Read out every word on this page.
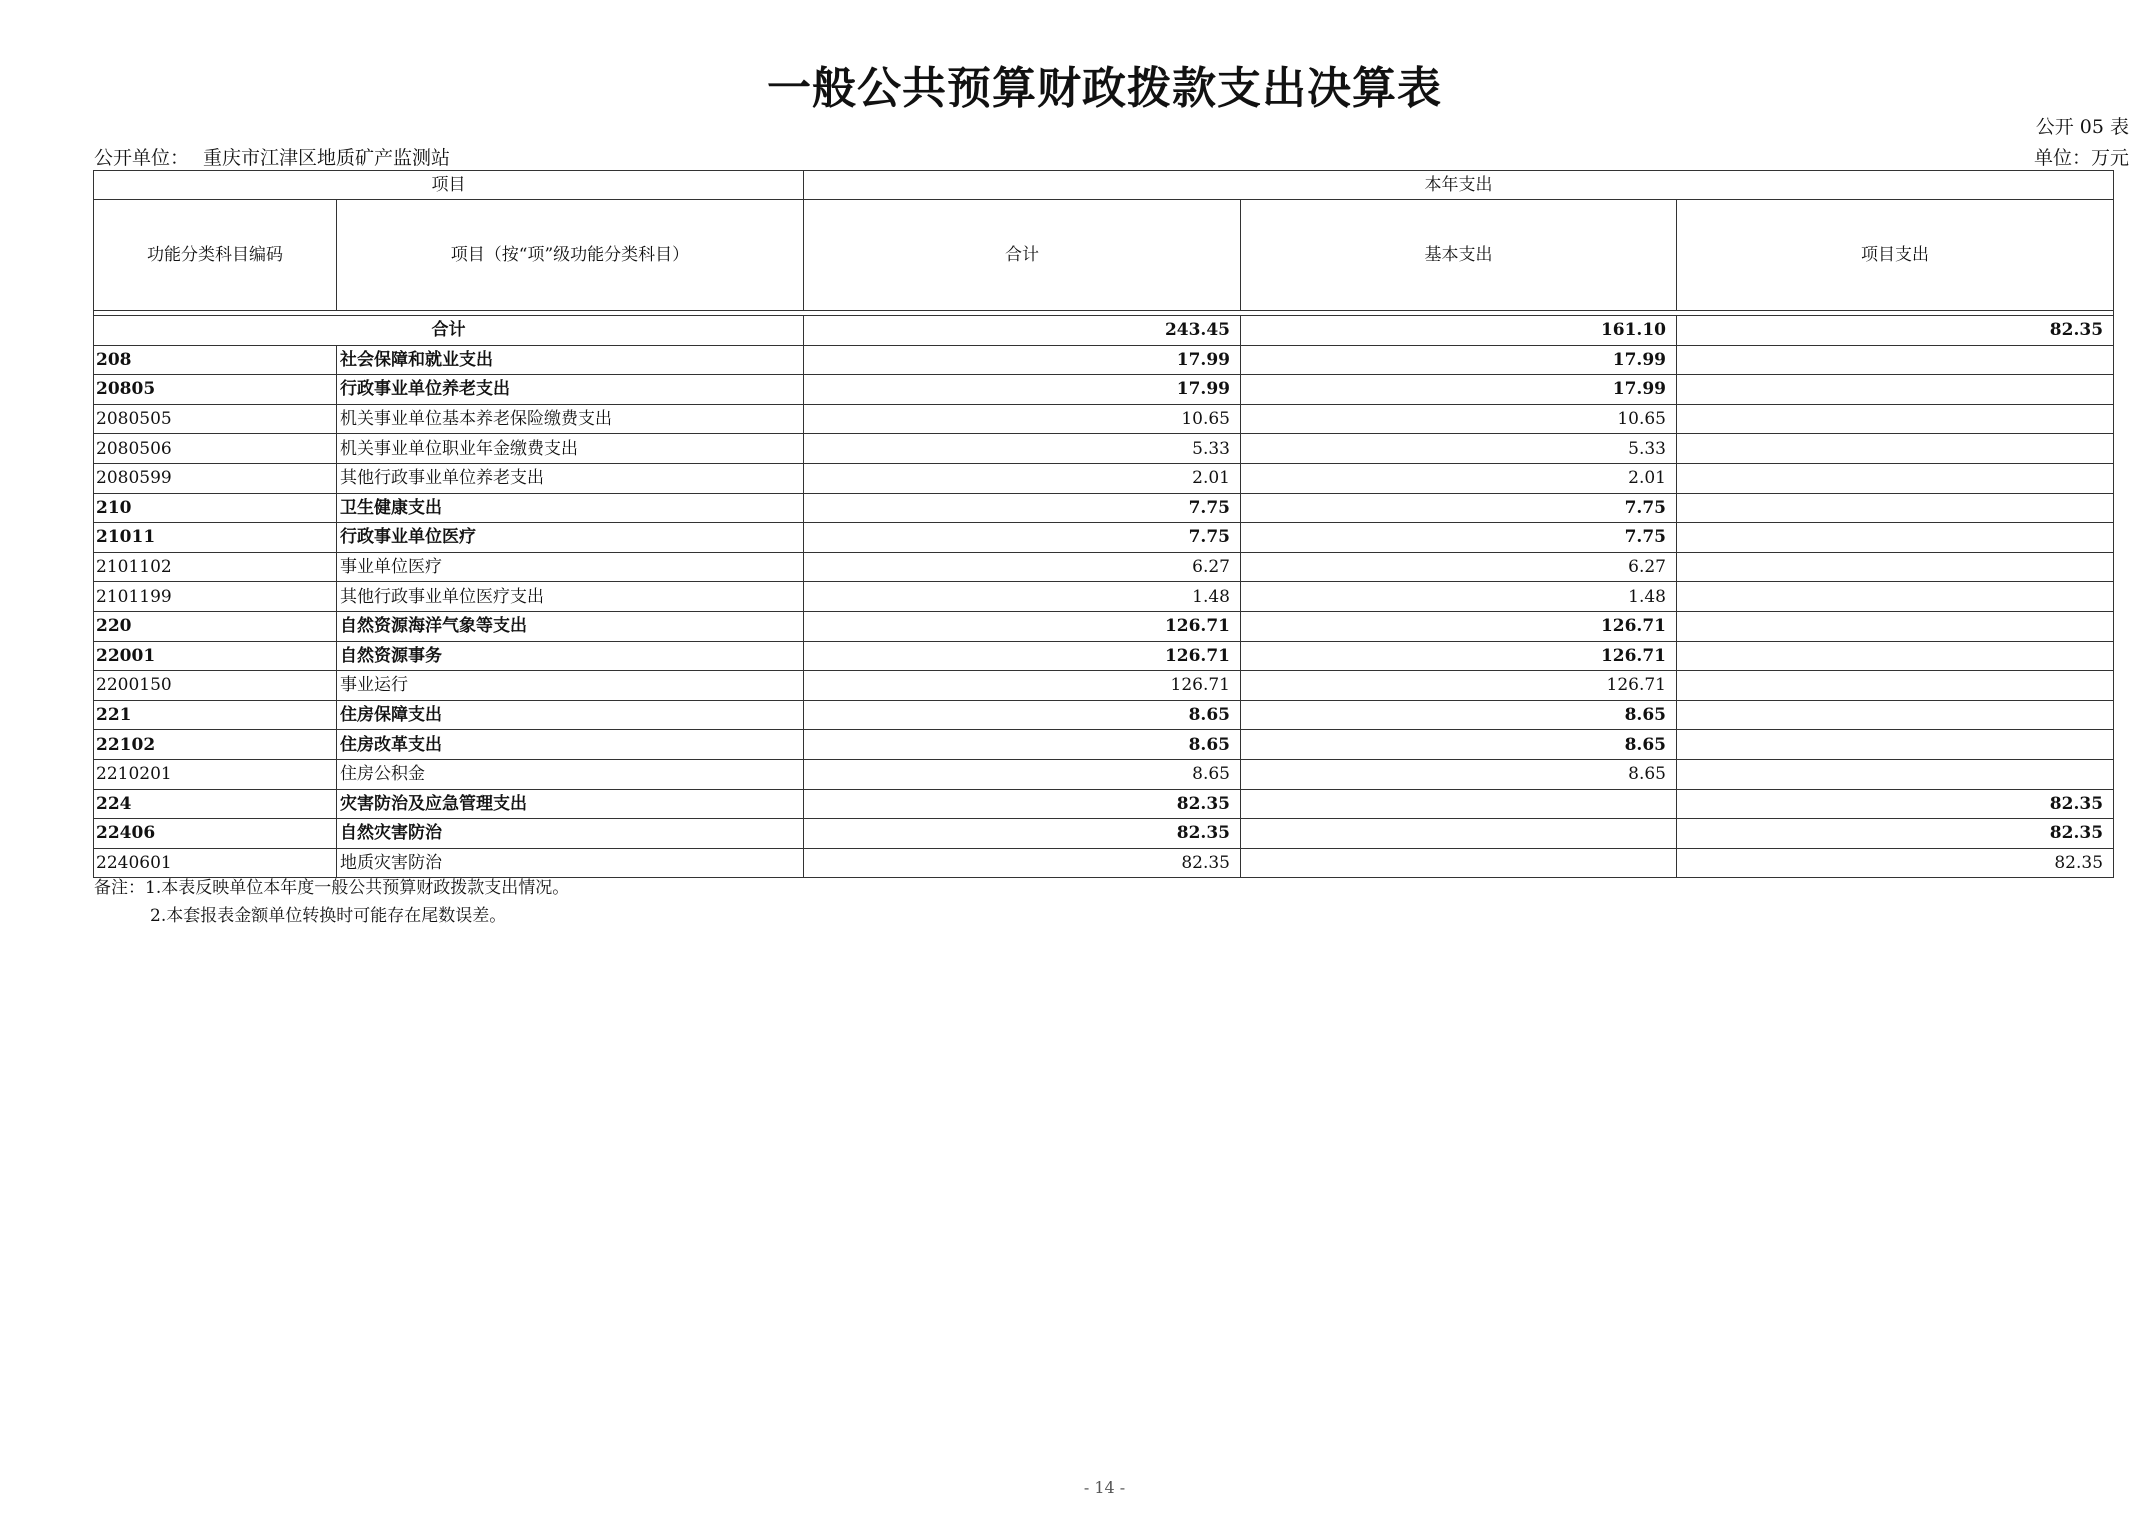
一般公共预算财政拨款支出决算表
公开 05 表
公开单位： 重庆市江津区地质矿产监测站	单位：万元
项目		本年支出		
功能分类科目编码	项目（按“项”级功能分类科目）	合计	基本支出	项目支出

合计		243.45	161.10	82.35
208	社会保障和就业支出	17.99	17.99	
20805	行政事业单位养老支出	17.99	17.99	
2080505	机关事业单位基本养老保险缴费支出	10.65	10.65	
2080506	机关事业单位职业年金缴费支出	5.33	5.33	
2080599	其他行政事业单位养老支出	2.01	2.01	
210	卫生健康支出	7.75	7.75	
21011	行政事业单位医疗	7.75	7.75	
2101102	事业单位医疗	6.27	6.27	
2101199	其他行政事业单位医疗支出	1.48	1.48	
220	自然资源海洋气象等支出	126.71	126.71	
22001	自然资源事务	126.71	126.71	
2200150	事业运行	126.71	126.71	
221	住房保障支出	8.65	8.65	
22102	住房改革支出	8.65	8.65	
2210201	住房公积金	8.65	8.65	
224	灾害防治及应急管理支出	82.35		82.35
22406	自然灾害防治	82.35		82.35
2240601	地质灾害防治	82.35		82.35
备注：1.本表反映单位本年度一般公共预算财政拨款支出情况。
2.本套报表金额单位转换时可能存在尾数误差。
- 14 -
